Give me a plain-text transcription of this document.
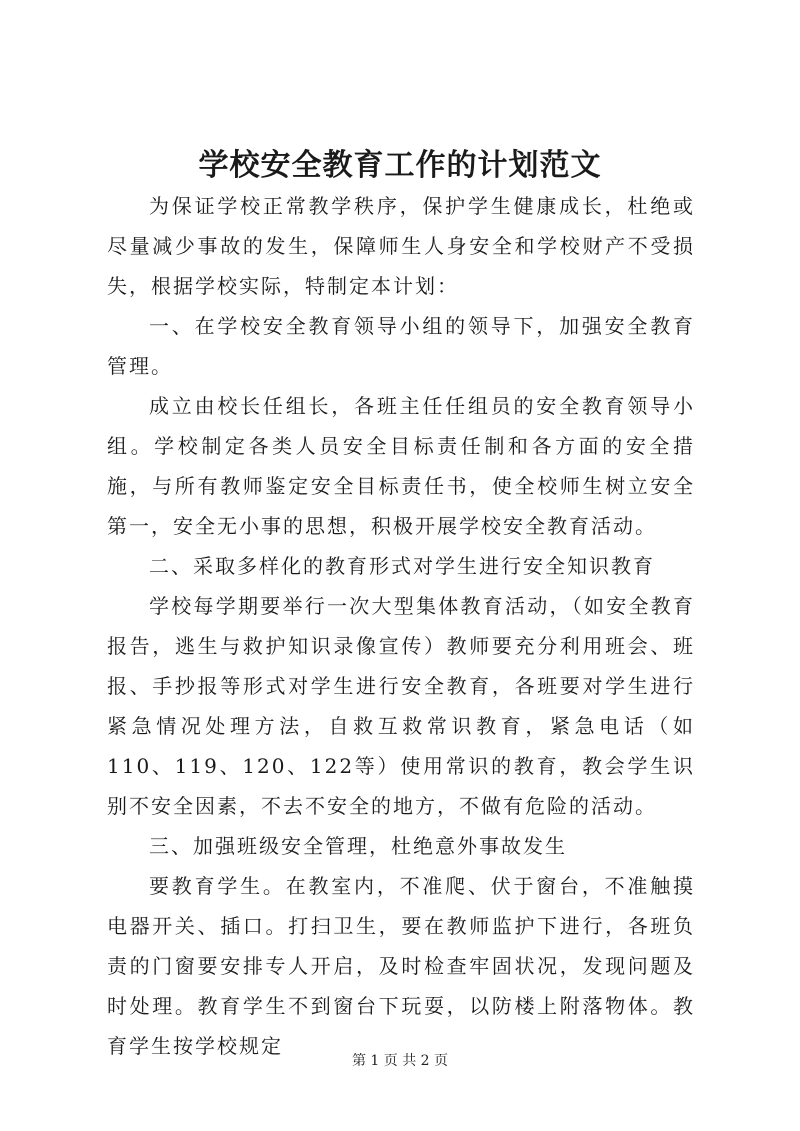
学校安全教育工作的计划范文

为保证学校正常教学秩序，保护学生健康成长，杜绝或尽量减少事故的发生，保障师生人身安全和学校财产不受损失，根据学校实际，特制定本计划：

一、在学校安全教育领导小组的领导下，加强安全教育管理。

成立由校长任组长，各班主任任组员的安全教育领导小组。学校制定各类人员安全目标责任制和各方面的安全措施，与所有教师鉴定安全目标责任书，使全校师生树立安全第一，安全无小事的思想，积极开展学校安全教育活动。

二、采取多样化的教育形式对学生进行安全知识教育

学校每学期要举行一次大型集体教育活动，（如安全教育报告，逃生与救护知识录像宣传）教师要充分利用班会、班报、手抄报等形式对学生进行安全教育，各班要对学生进行紧急情况处理方法，自救互救常识教育，紧急电话（如 110、119、120、122等）使用常识的教育，教会学生识别不安全因素，不去不安全的地方，不做有危险的活动。

三、加强班级安全管理，杜绝意外事故发生

要教育学生。在教室内，不准爬、伏于窗台，不准触摸电器开关、插口。打扫卫生，要在教师监护下进行，各班负责的门窗要安排专人开启，及时检查牢固状况，发现问题及时处理。教育学生不到窗台下玩耍，以防楼上附落物体。教育学生按学校规定

第 1 页 共 2 页
